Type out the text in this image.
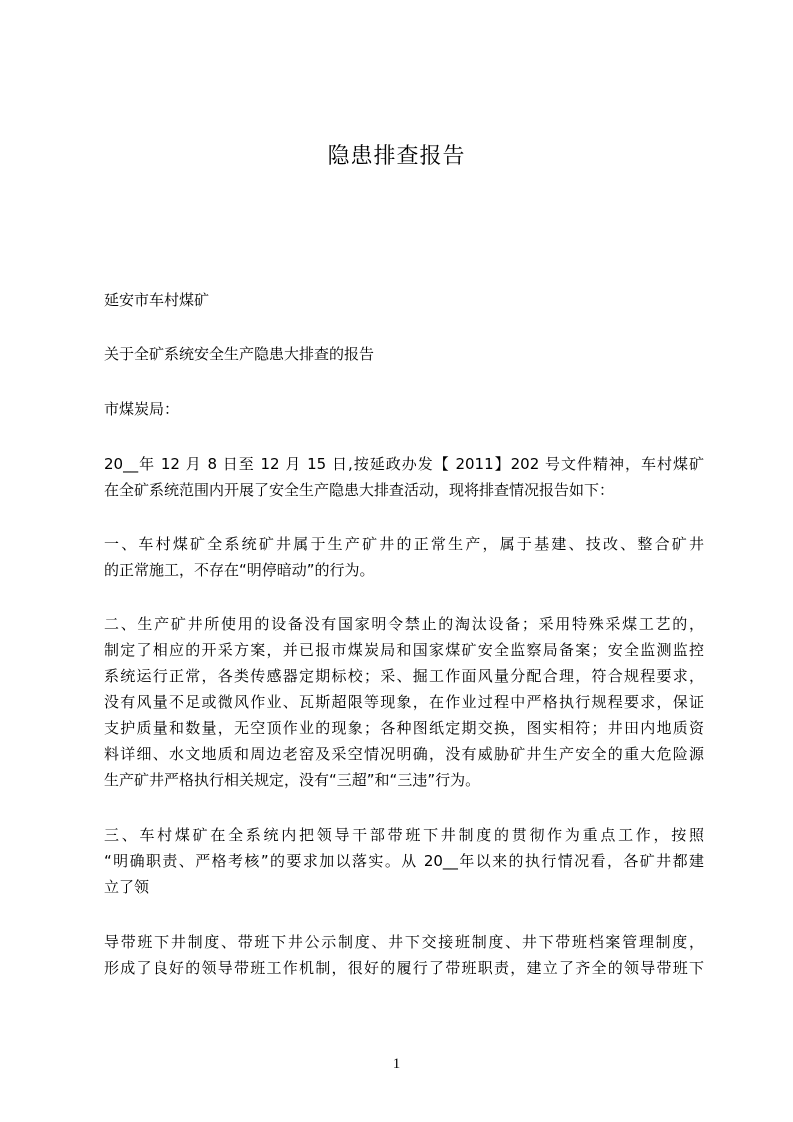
隐患排查报告
延安市车村煤矿
关于全矿系统安全生产隐患大排查的报告
市煤炭局：
20__年 12 月 8 日至 12 月 15 日,按延政办发【 2011】202 号文件精神，车村煤矿
在全矿系统范围内开展了安全生产隐患大排查活动，现将排查情况报告如下：
一、车村煤矿全系统矿井属于生产矿井的正常生产，属于基建、技改、整合矿井
的正常施工，不存在“明停暗动”的行为。
二、生产矿井所使用的设备没有国家明令禁止的淘汰设备；采用特殊采煤工艺的，
制定了相应的开采方案，并已报市煤炭局和国家煤矿安全监察局备案；安全监测监控
系统运行正常，各类传感器定期标校；采、掘工作面风量分配合理，符合规程要求，
没有风量不足或微风作业、瓦斯超限等现象，在作业过程中严格执行规程要求，保证
支护质量和数量，无空顶作业的现象；各种图纸定期交换，图实相符；井田内地质资
料详细、水文地质和周边老窑及采空情况明确，没有威胁矿井生产安全的重大危险源
生产矿井严格执行相关规定，没有“三超”和“三违”行为。
三、车村煤矿在全系统内把领导干部带班下井制度的贯彻作为重点工作，按照
“明确职责、严格考核”的要求加以落实。从 20__年以来的执行情况看，各矿井都建
立了领
导带班下井制度、带班下井公示制度、井下交接班制度、井下带班档案管理制度，
形成了良好的领导带班工作机制，很好的履行了带班职责，建立了齐全的领导带班下
1
